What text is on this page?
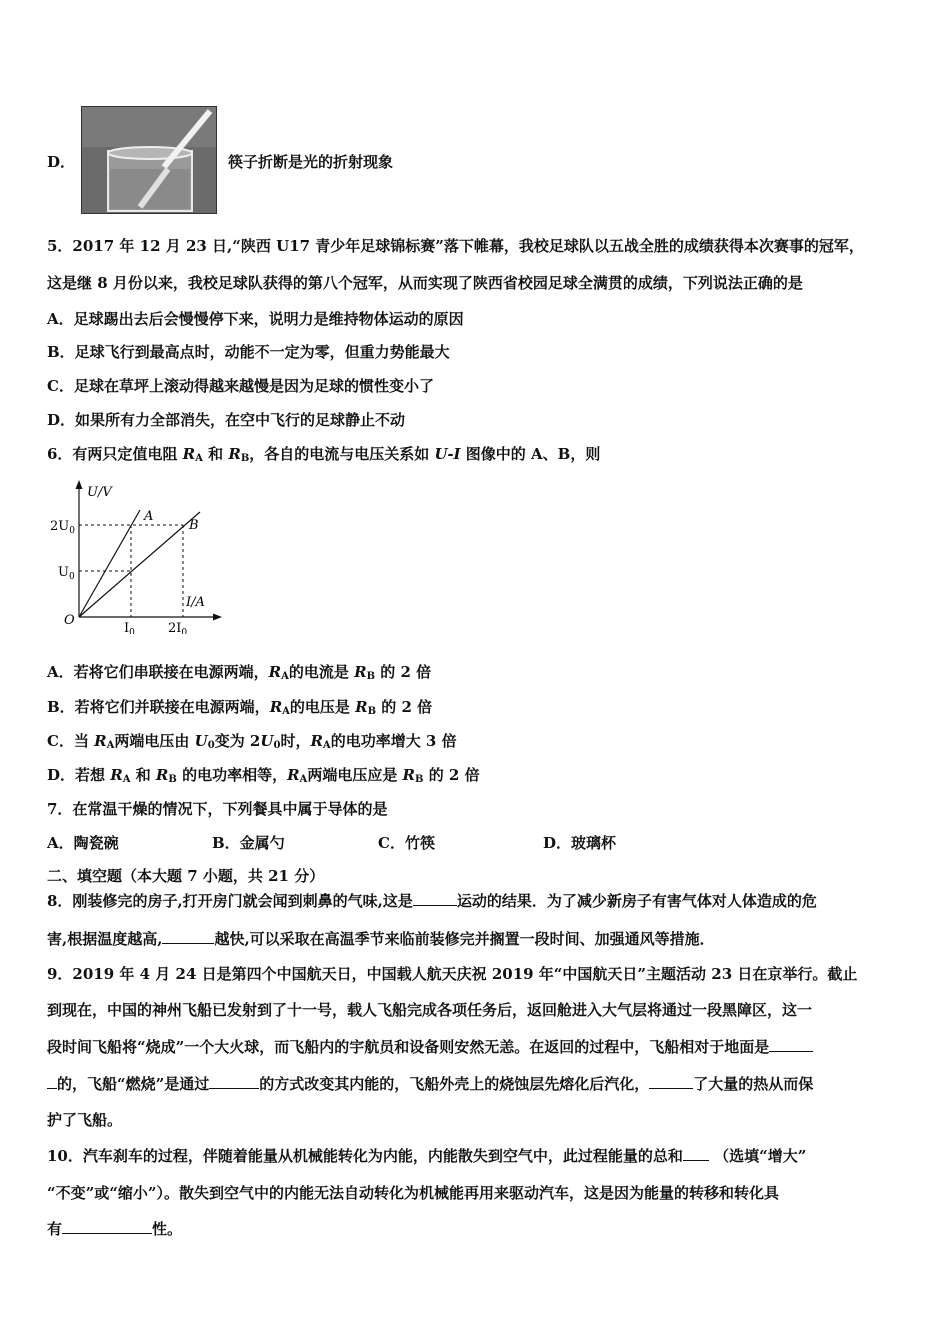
D．	筷子折断是光的折射现象
5．2017 年 12 月 23 日,“陕西 U17 青少年足球锦标赛”落下帷幕，我校足球队以五战全胜的成绩获得本次赛事的冠军，
这是继 8 月份以来，我校足球队获得的第八个冠军，从而实现了陕西省校园足球全满贯的成绩，下列说法正确的是
A．足球踢出去后会慢慢停下来，说明力是维持物体运动的原因
B．足球飞行到最高点时，动能不一定为零，但重力势能最大
C．足球在草坪上滚动得越来越慢是因为足球的惯性变小了
D．如果所有力全部消失，在空中飞行的足球静止不动
6．有两只定值电阻 $R_A$ 和 $R_B$，各自的电流与电压关系如 U-I 图像中的 A、B，则
U/V
I/A
O
$2U_0$
$U_0$
$I_0$	$2I_0$
A
B
A．若将它们串联接在电源两端，$R_A$的电流是 $R_B$ 的 2 倍
B．若将它们并联接在电源两端，$R_A$的电压是 $R_B$ 的 2 倍
C．当 $R_A$两端电压由 $U_0$变为 $2U_0$时，$R_A$的电功率增大 3 倍
D．若想 $R_A$ 和 $R_B$ 的电功率相等，$R_A$两端电压应是 $R_B$ 的 2 倍
7．在常温干燥的情况下，下列餐具中属于导体的是
A．陶瓷碗	B．金属勺	C．竹筷	D．玻璃杯
二、填空题（本大题 7 小题，共 21 分）
8．刚装修完的房子,打开房门就会闻到刺鼻的气味,这是	运动的结果．为了减少新房子有害气体对人体造成的危
害,根据温度越高,	越快,可以采取在高温季节来临前装修完并搁置一段时间、加强通风等措施．
9．2019 年 4 月 24 日是第四个中国航天日，中国载人航天庆祝 2019 年“中国航天日”主题活动 23 日在京举行。截止
到现在，中国的神州飞船已发射到了十一号，载人飞船完成各项任务后，返回舱进入大气层将通过一段黑障区，这一
段时间飞船将“烧成”一个大火球，而飞船内的宇航员和设备则安然无恙。在返回的过程中，飞船相对于地面是
的，飞船“燃烧”是通过	的方式改变其内能的，飞船外壳上的烧蚀层先熔化后汽化，	了大量的热从而保
护了飞船。
10．汽车刹车的过程，伴随着能量从机械能转化为内能，内能散失到空气中，此过程能量的总和 （选填“增大”
“不变”或“缩小”）。散失到空气中的内能无法自动转化为机械能再用来驱动汽车，这是因为能量的转移和转化具
有	性。
